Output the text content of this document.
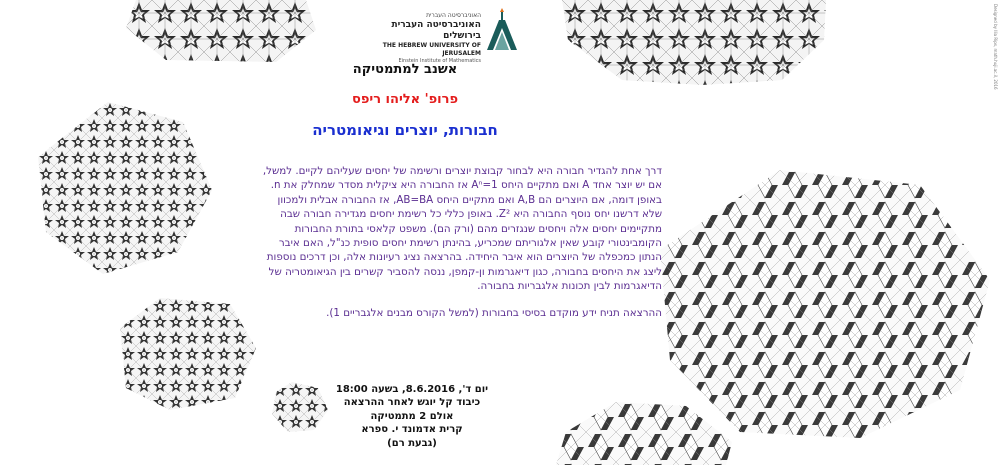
האוניברסיטה העברית
האוניברסיטה העברית בירושלים
THE HEBREW UNIVERSITY OF JERUSALEM
Einstein Institute of Mathematics
אשנב למתמטיקה
פרופ' אליהו ריפס
חבורות, יוצרים וגיאומטריה

דרך אחת להגדיר חבורה היא לבחור קבוצת יוצרים ורשימה של יחסים שעליהם לקיים. למשל, אם יש יוצר אחד A ואם מתקיים היחס Aⁿ=1 אז החבורה היא ציקלית מסדר שמחלק את n. באופן דומה, אם היוצרים הם A,B ואם מתקיים היחס AB=BA, אז החבורה אבלית ולמכוון שלא דרשנו יחס נוסף החבורה היא Z². באופן כללי כל רשימת יחסים מגדירה חבורה שבה מתקיימים יחסים אלה ויחסים שנגזרים מהם (ורק הם). משפט קלאסי בתורת החבורות הקומבינטורי קובע שאין אלגוריתם שמכריע, בהינתן רשימת יחסים סופית כנ"ל, האם איבר הנתון כמכפלה של היוצרים הוא איבר היחידה. בהרצאה נציג רעיונות אלה, וכן דרכים נוספות ליצג את היחסים בחבורה, כגון דיאגרמות ון-קמפן, ננסה להסביר קשרים בין הגיאומטריה של הדיאגרמות לבין תכונות אלגבריות בחבורה.

ההרצאה תניח ידע מוקדם בסיסי בחבורות (למשל הקורס מבנים אלגבריים 1).

יום ד', 8.6.2016, בשעה 18:00
כיבוד קל יוגש לאחר ההרצאה
אולם 2 מתמטיקה
קרית אדמונד י. ספרא
(גבעת רם)
Designed by Ilia Rips, math.huji.ac.il, 2016
